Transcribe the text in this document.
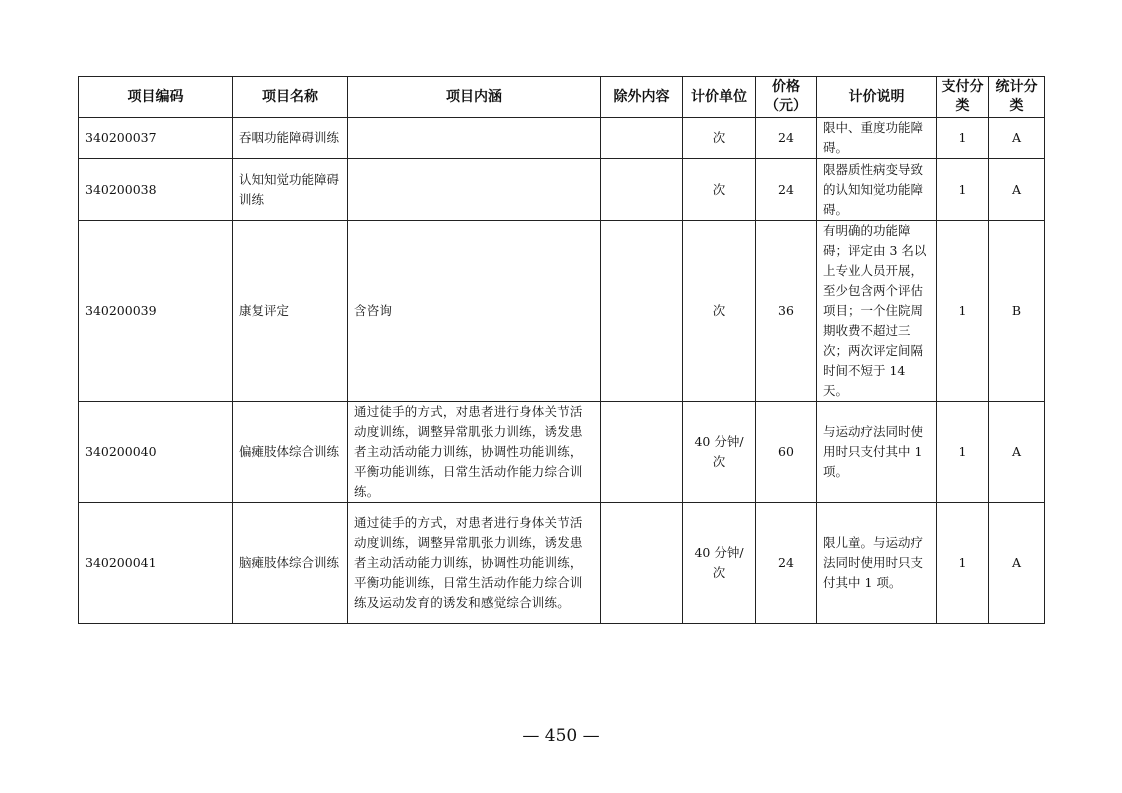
项目编码	项目名称	项目内涵	除外内容	计价单位	价格（元）	计价说明	支付分类	统计分类
340200037	吞咽功能障碍训练			次	24	限中、重度功能障碍。	1	A
340200038	认知知觉功能障碍训练			次	24	限器质性病变导致的认知知觉功能障碍。	1	A
340200039	康复评定	含咨询		次	36	有明确的功能障碍；评定由 3 名以上专业人员开展，至少包含两个评估项目；一个住院周期收费不超过三次；两次评定间隔时间不短于 14 天。	1	B
340200040	偏瘫肢体综合训练	通过徒手的方式，对患者进行身体关节活动度训练，调整异常肌张力训练，诱发患者主动活动能力训练，协调性功能训练，平衡功能训练，日常生活动作能力综合训练。		40 分钟/次	60	与运动疗法同时使用时只支付其中 1 项。	1	A
340200041	脑瘫肢体综合训练	通过徒手的方式，对患者进行身体关节活动度训练，调整异常肌张力训练，诱发患者主动活动能力训练，协调性功能训练，平衡功能训练，日常生活动作能力综合训练及运动发育的诱发和感觉综合训练。		40 分钟/次	24	限儿童。与运动疗法同时使用时只支付其中 1 项。	1	A
— 450 —
